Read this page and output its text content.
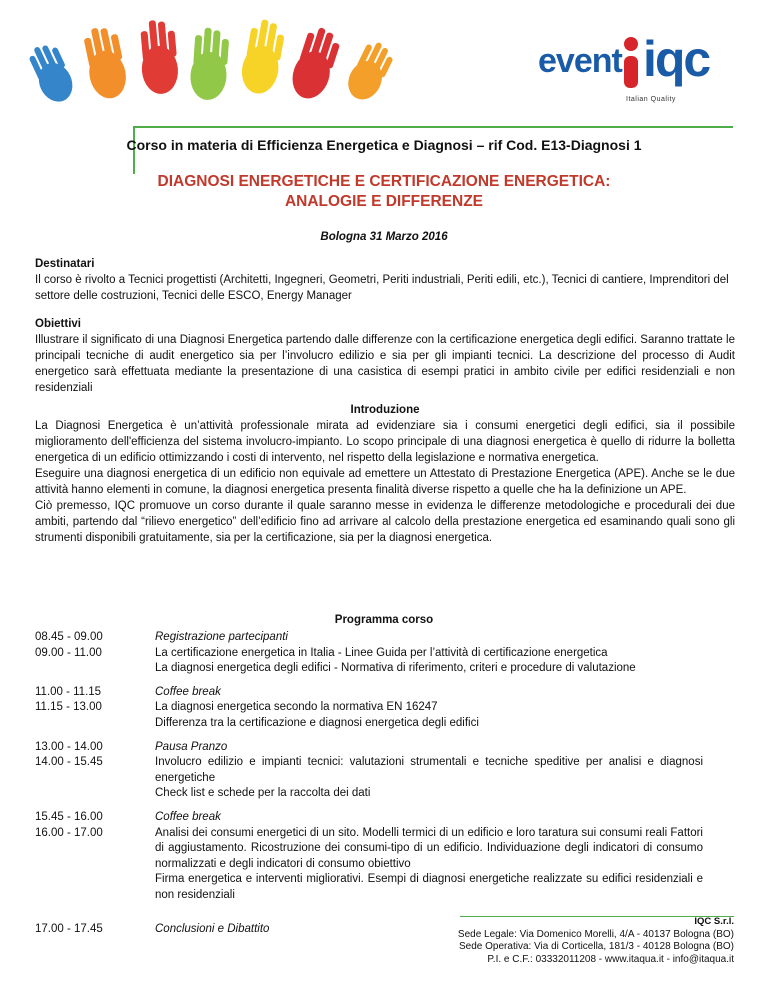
event iqc
Italian Quality
Corso in materia di Efficienza Energetica e Diagnosi – rif Cod. E13-Diagnosi 1
DIAGNOSI ENERGETICHE E CERTIFICAZIONE ENERGETICA:
ANALOGIE E DIFFERENZE
Bologna 31 Marzo 2016

Destinatari

Il corso è rivolto a Tecnici progettisti (Architetti, Ingegneri, Geometri, Periti industriali, Periti edili, etc.), Tecnici di cantiere, Imprenditori del settore delle costruzioni, Tecnici delle ESCO, Energy Manager

Obiettivi

Illustrare il significato di una Diagnosi Energetica partendo dalle differenze con la certificazione energetica degli edifici. Saranno trattate le principali tecniche di audit energetico sia per l’involucro edilizio e sia per gli impianti tecnici. La descrizione del processo di Audit energetico sarà effettuata mediante la presentazione di una casistica di esempi pratici in ambito civile per edifici residenziali e non residenziali

Introduzione

La Diagnosi Energetica è un’attività professionale mirata ad evidenziare sia i consumi energetici degli edifici, sia il possibile miglioramento dell'efficienza del sistema involucro-impianto. Lo scopo principale di una diagnosi energetica è quello di ridurre la bolletta energetica di un edificio ottimizzando i costi di intervento, nel rispetto della legislazione e normativa energetica.

Eseguire una diagnosi energetica di un edificio non equivale ad emettere un Attestato di Prestazione Energetica (APE). Anche se le due attività hanno elementi in comune, la diagnosi energetica presenta finalità diverse rispetto a quelle che ha la definizione un APE.

Ciò premesso, IQC promuove un corso durante il quale saranno messe in evidenza le differenze metodologiche e procedurali dei due ambiti, partendo dal “rilievo energetico” dell’edificio fino ad arrivare al calcolo della prestazione energetica ed esaminando quali sono gli strumenti disponibili gratuitamente, sia per la certificazione, sia per la diagnosi energetica.

Programma corso
08.45 - 09.00	Registrazione partecipanti
09.00 - 11.00	La certificazione energetica in Italia - Linee Guida per l’attività di certificazione energetica
La diagnosi energetica degli edifici - Normativa di riferimento, criteri e procedure di valutazione
11.00 - 11.15	Coffee break
11.15 - 13.00	La diagnosi energetica secondo la normativa EN 16247
Differenza tra la certificazione e diagnosi energetica degli edifici
13.00 - 14.00	Pausa Pranzo
14.00 - 15.45	Involucro edilizio e impianti tecnici: valutazioni strumentali e tecniche speditive per analisi e diagnosi energetiche
Check list e schede per la raccolta dei dati
15.45 - 16.00	Coffee break
16.00 - 17.00	Analisi dei consumi energetici di un sito. Modelli termici di un edificio e loro taratura sui consumi reali Fattori di aggiustamento. Ricostruzione dei consumi-tipo di un edificio. Individuazione degli indicatori di consumo normalizzati e degli indicatori di consumo obiettivo
Firma energetica e interventi migliorativi. Esempi di diagnosi energetiche realizzate su edifici residenziali e non residenziali
17.00 - 17.45	Conclusioni e Dibattito
IQC S.r.l.
Sede Legale: Via Domenico Morelli, 4/A - 40137 Bologna (BO)
Sede Operativa: Via di Corticella, 181/3 - 40128 Bologna (BO)
P.I. e C.F.: 03332011208 - www.itaqua.it - info@itaqua.it
